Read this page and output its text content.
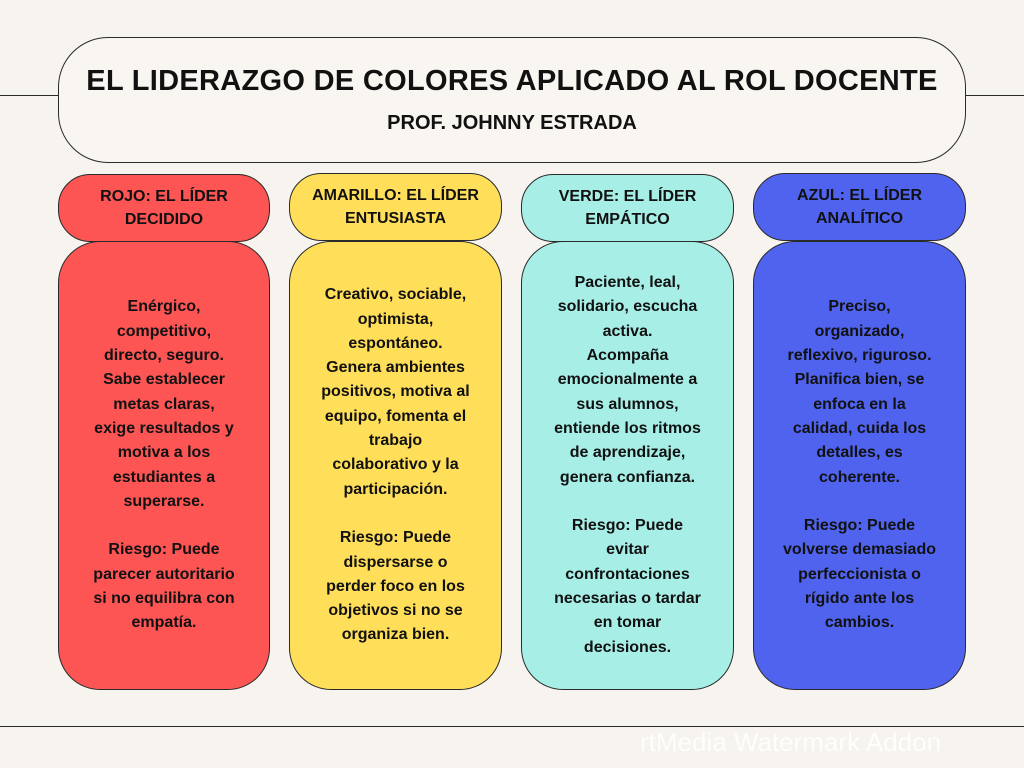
EL LIDERAZGO DE COLORES APLICADO AL ROL DOCENTE
PROF. JOHNNY ESTRADA
ROJO: EL LÍDER
DECIDIDO
Enérgico,
competitivo,
directo, seguro.
Sabe establecer
metas claras,
exige resultados y
motiva a los
estudiantes a
superarse.

Riesgo: Puede
parecer autoritario
si no equilibra con
empatía.
AMARILLO: EL LÍDER
ENTUSIASTA
Creativo, sociable,
optimista,
espontáneo.
Genera ambientes
positivos, motiva al
equipo, fomenta el
trabajo
colaborativo y la
participación.

Riesgo: Puede
dispersarse o
perder foco en los
objetivos si no se
organiza bien.
VERDE: EL LÍDER
EMPÁTICO
Paciente, leal,
solidario, escucha
activa.
Acompaña
emocionalmente a
sus alumnos,
entiende los ritmos
de aprendizaje,
genera confianza.

Riesgo: Puede
evitar
confrontaciones
necesarias o tardar
en tomar
decisiones.
AZUL: EL LÍDER
ANALÍTICO
Preciso,
organizado,
reflexivo, riguroso.
Planifica bien, se
enfoca en la
calidad, cuida los
detalles, es
coherente.

Riesgo: Puede
volverse demasiado
perfeccionista o
rígido ante los
cambios.
rtMedia Watermark Addon
